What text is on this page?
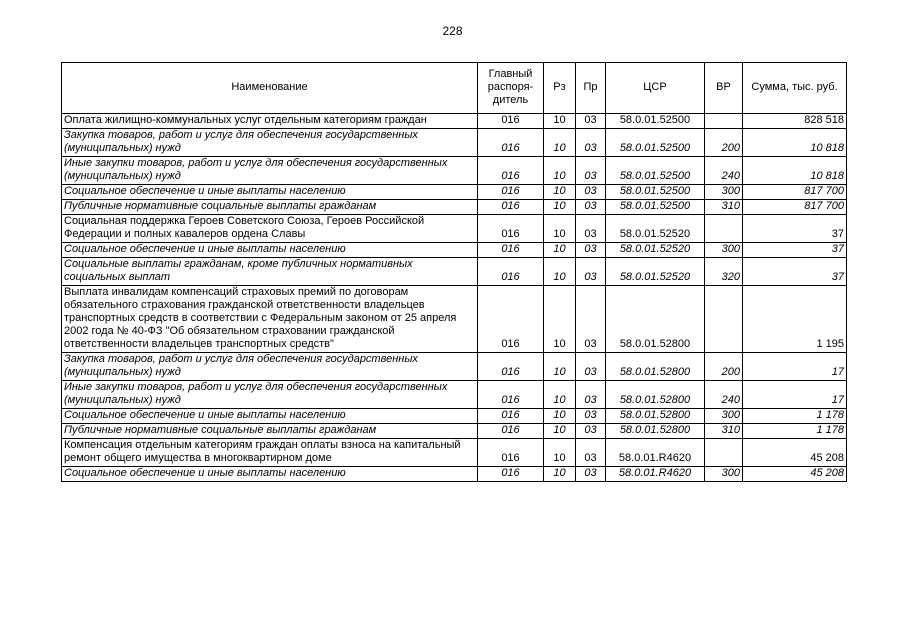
228
Наименование	Главный распоря-дитель	Рз	Пр	ЦСР	ВР	Сумма, тыс. руб.
Оплата жилищно-коммунальных услуг отдельным категориям граждан	016	10	03	58.0.01.52500		828 518
Закупка товаров, работ и услуг для обеспечения государственных (муниципальных) нужд	016	10	03	58.0.01.52500	200	10 818
Иные закупки товаров, работ и услуг для обеспечения государственных (муниципальных) нужд	016	10	03	58.0.01.52500	240	10 818
Социальное обеспечение и иные выплаты населению	016	10	03	58.0.01.52500	300	817 700
Публичные нормативные социальные выплаты гражданам	016	10	03	58.0.01.52500	310	817 700
Социальная поддержка Героев Советского Союза, Героев Российской Федерации и полных кавалеров ордена Славы	016	10	03	58.0.01.52520		37
Социальное обеспечение и иные выплаты населению	016	10	03	58.0.01.52520	300	37
Социальные выплаты гражданам, кроме публичных нормативных социальных выплат	016	10	03	58.0.01.52520	320	37
Выплата инвалидам компенсаций страховых премий по договорам обязательного страхования гражданской ответственности владельцев транспортных средств в соответствии с Федеральным законом от 25 апреля 2002 года № 40-ФЗ "Об обязательном страховании гражданской ответственности владельцев транспортных средств"	016	10	03	58.0.01.52800		1 195
Закупка товаров, работ и услуг для обеспечения государственных (муниципальных) нужд	016	10	03	58.0.01.52800	200	17
Иные закупки товаров, работ и услуг для обеспечения государственных (муниципальных) нужд	016	10	03	58.0.01.52800	240	17
Социальное обеспечение и иные выплаты населению	016	10	03	58.0.01.52800	300	1 178
Публичные нормативные социальные выплаты гражданам	016	10	03	58.0.01.52800	310	1 178
Компенсация отдельным категориям граждан оплаты взноса на капитальный ремонт общего имущества в многоквартирном доме	016	10	03	58.0.01.R4620		45 208
Социальное обеспечение и иные выплаты населению	016	10	03	58.0.01.R4620	300	45 208
